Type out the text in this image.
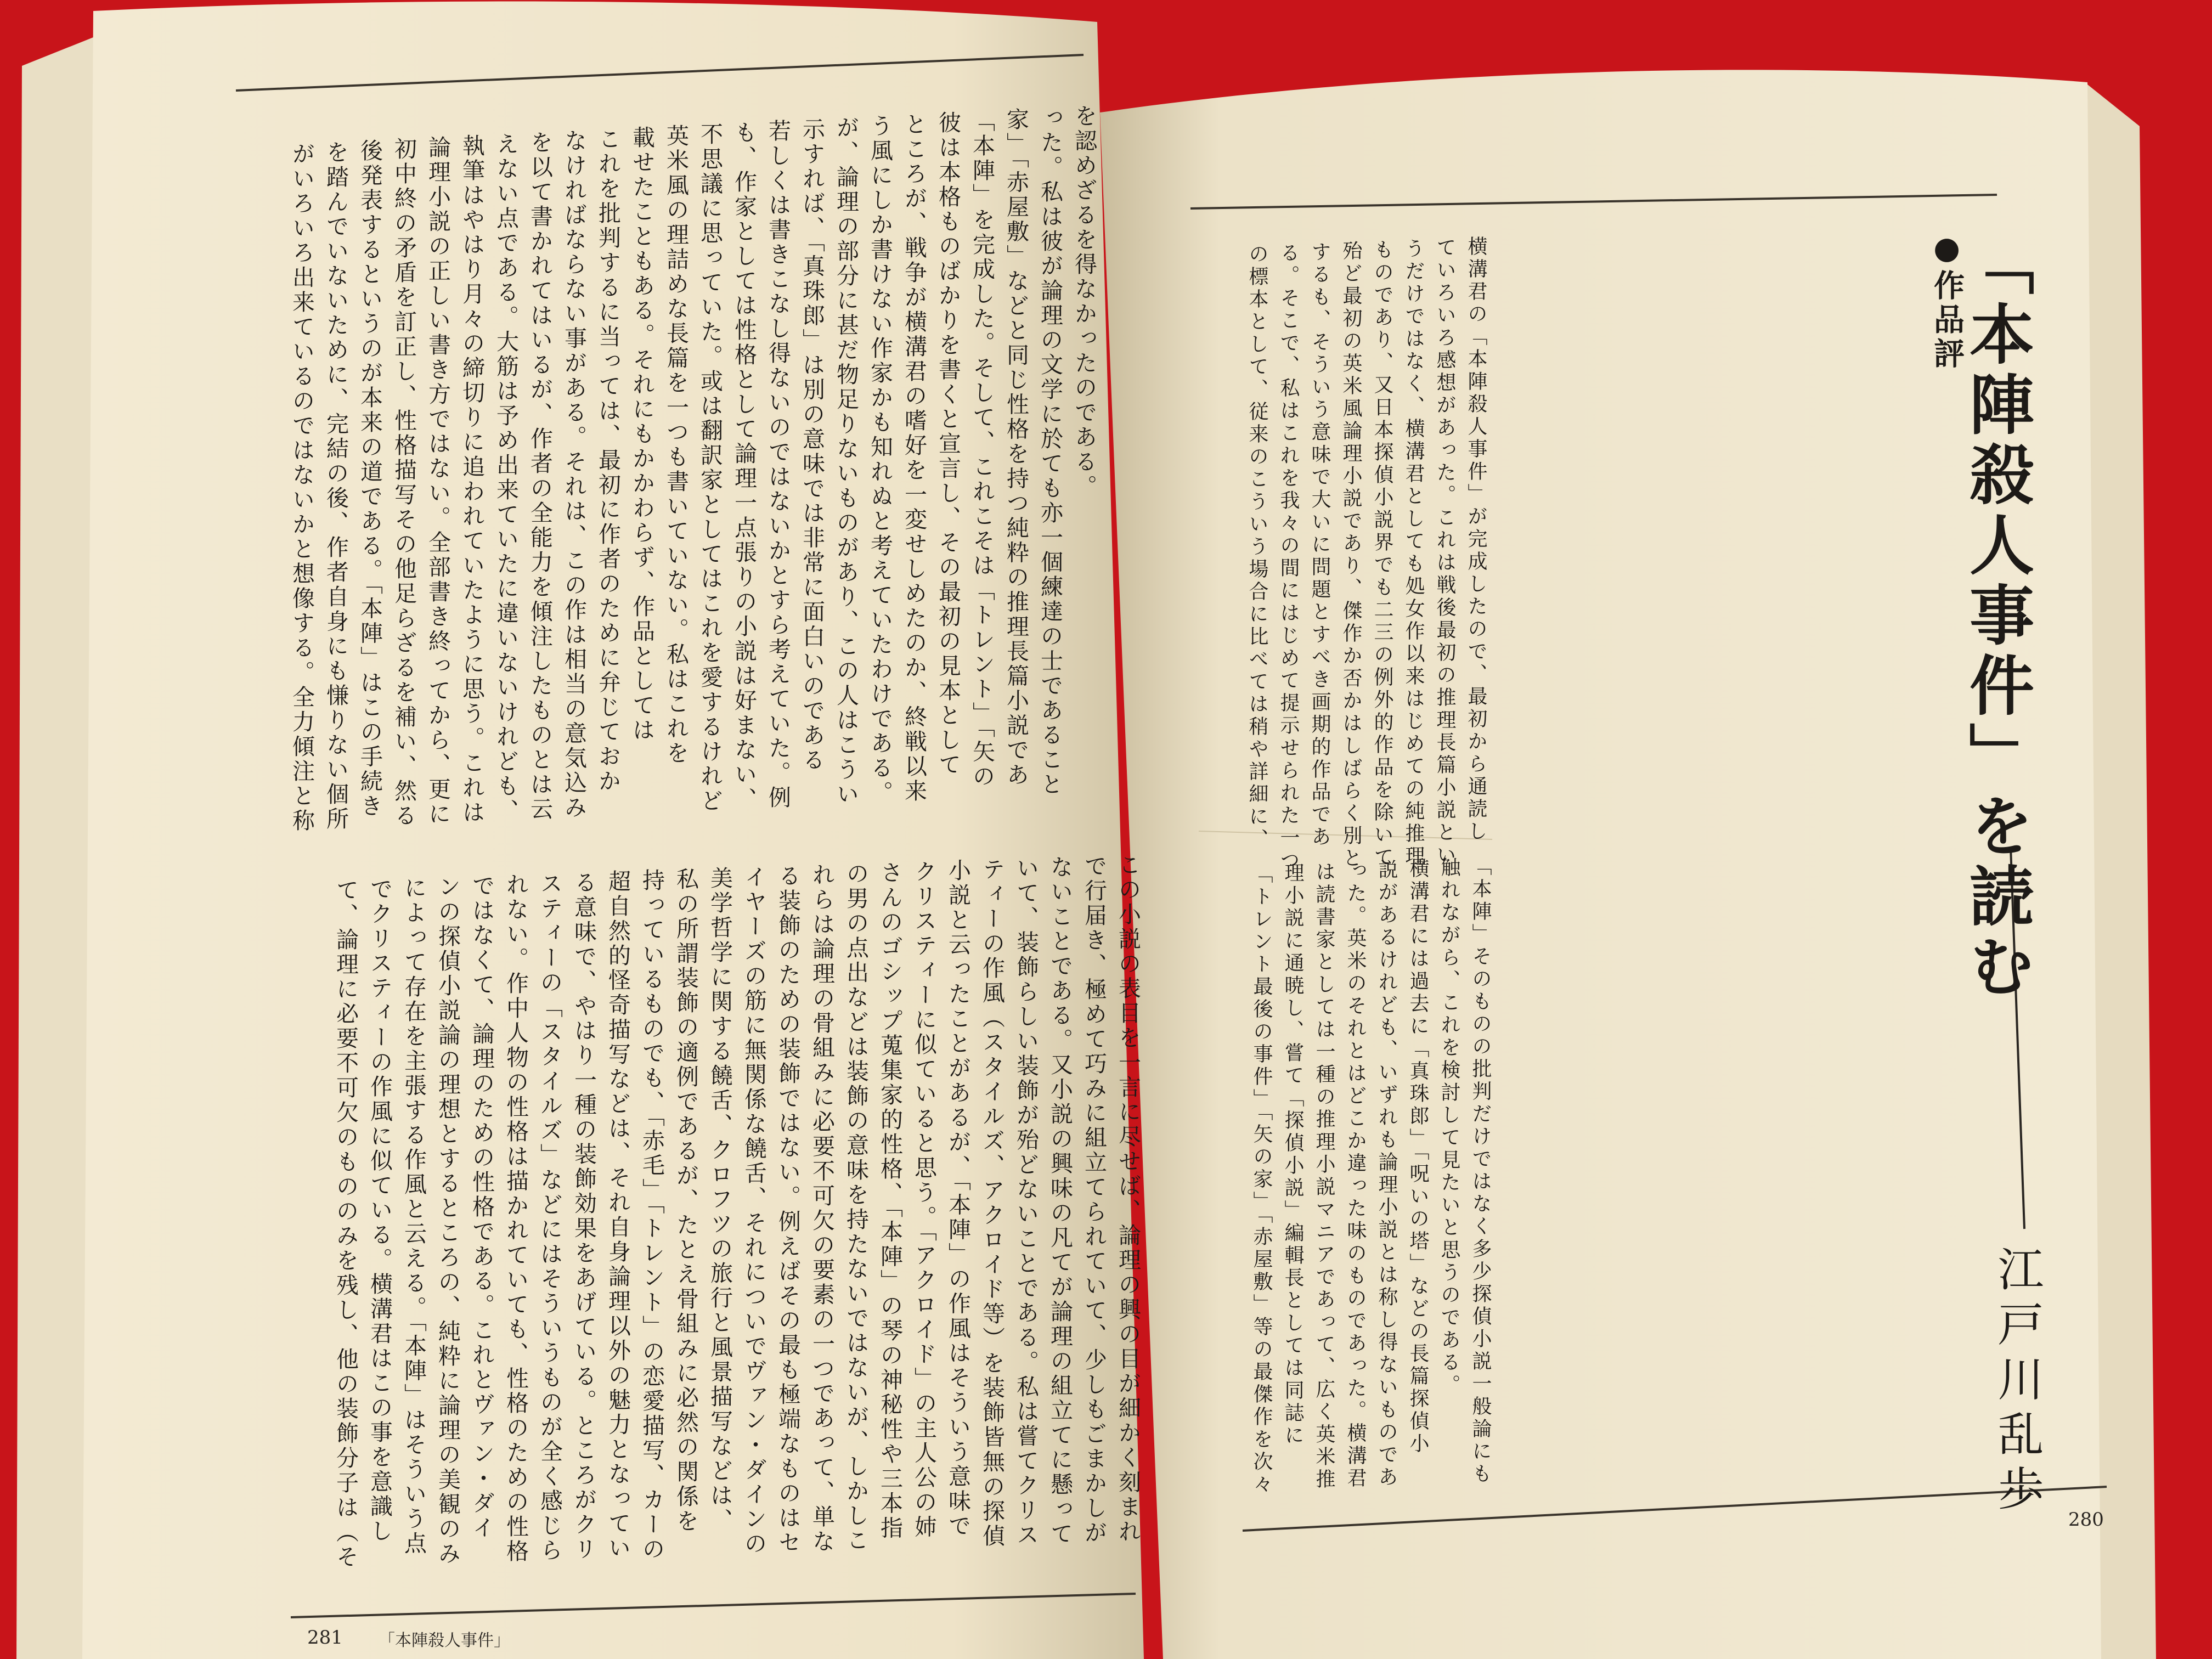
●作品評
「本陣殺人事件」を読む
江戸川乱歩
横溝君の「本陣殺人事件」が完成したので、最初から通読し
ていろいろ感想があった。これは戦後最初の推理長篇小説とい
うだけではなく、横溝君としても処女作以来はじめての純推理
ものであり、又日本探偵小説界でも二三の例外的作品を除いて
殆ど最初の英米風論理小説であり、傑作か否かはしばらく別と
するも、そういう意味で大いに問題とすべき画期的作品であ
る。そこで、私はこれを我々の間にはじめて提示せられた一つ
の標本として、従来のこういう場合に比べては稍や詳細に、
「本陣」そのものの批判だけではなく多少探偵小説一般論にも
触れながら、これを検討して見たいと思うのである。
横溝君には過去に「真珠郎」「呪いの塔」などの長篇探偵小
説があるけれども、いずれも論理小説とは称し得ないものであ
った。英米のそれとはどこか違った味のものであった。横溝君
は読書家としては一種の推理小説マニアであって、広く英米推
理小説に通暁し、嘗て「探偵小説」編輯長としては同誌に
「トレント最後の事件」「矢の家」「赤屋敷」等の最傑作を次々
を認めざるを得なかったのである。
った。私は彼が論理の文学に於ても亦一個練達の士であること
家」「赤屋敷」などと同じ性格を持つ純粋の推理長篇小説であ
「本陣」を完成した。そして、これこそは「トレント」「矢の
彼は本格ものばかりを書くと宣言し、その最初の見本として
ところが、戦争が横溝君の嗜好を一変せしめたのか、終戦以来
う風にしか書けない作家かも知れぬと考えていたわけである。
が、論理の部分に甚だ物足りないものがあり、この人はこうい
示すれば、「真珠郎」は別の意味では非常に面白いのである
若しくは書きこなし得ないのではないかとすら考えていた。例
も、作家としては性格として論理一点張りの小説は好まない、
不思議に思っていた。或は翻訳家としてはこれを愛するけれど
英米風の理詰めな長篇を一つも書いていない。私はこれを
載せたこともある。それにもかかわらず、作品としては
これを批判するに当っては、最初に作者のために弁じておか
なければならない事がある。それは、この作は相当の意気込み
を以て書かれてはいるが、作者の全能力を傾注したものとは云
えない点である。大筋は予め出来ていたに違いないけれども、
執筆はやはり月々の締切りに追われていたように思う。これは
論理小説の正しい書き方ではない。全部書き終ってから、更に
初中終の矛盾を訂正し、性格描写その他足らざるを補い、然る
後発表するというのが本来の道である。「本陣」はこの手続き
を踏んでいないために、完結の後、作者自身にも慊りない個所
がいろいろ出来ているのではないかと想像する。全力傾注と称
この小説の表目を一言に尽せば、論理の興の目が細かく刻まれ
で行届き、極めて巧みに組立てられていて、少しもごまかしが
ないことである。又小説の興味の凡てが論理の組立てに懸って
いて、装飾らしい装飾が殆どないことである。私は嘗てクリス
ティーの作風（スタイルズ、アクロイド等）を装飾皆無の探偵
小説と云ったことがあるが、「本陣」の作風はそういう意味で
クリスティーに似ていると思う。「アクロイド」の主人公の姉
さんのゴシップ蒐集家的性格、「本陣」の琴の神秘性や三本指
の男の点出などは装飾の意味を持たないではないが、しかしこ
れらは論理の骨組みに必要不可欠の要素の一つであって、単な
る装飾のための装飾ではない。例えばその最も極端なものはセ
イヤーズの筋に無関係な饒舌、それについでヴァン・ダインの
美学哲学に関する饒舌、クロフツの旅行と風景描写などは、
私の所謂装飾の適例であるが、たとえ骨組みに必然の関係を
持っているものでも、「赤毛」「トレント」の恋愛描写、カーの
超自然的怪奇描写などは、それ自身論理以外の魅力となってい
る意味で、やはり一種の装飾効果をあげている。ところがクリ
スティーの「スタイルズ」などにはそういうものが全く感じら
れない。作中人物の性格は描かれていても、性格のための性格
ではなくて、論理のための性格である。これとヴァン・ダイ
ンの探偵小説論の理想とするところの、純粋に論理の美観のみ
によって存在を主張する作風と云える。「本陣」はそういう点
でクリスティーの作風に似ている。横溝君はこの事を意識し
て、論理に必要不可欠のもののみを残し、他の装飾分子は（そ	280
281 「本陣殺人事件」
